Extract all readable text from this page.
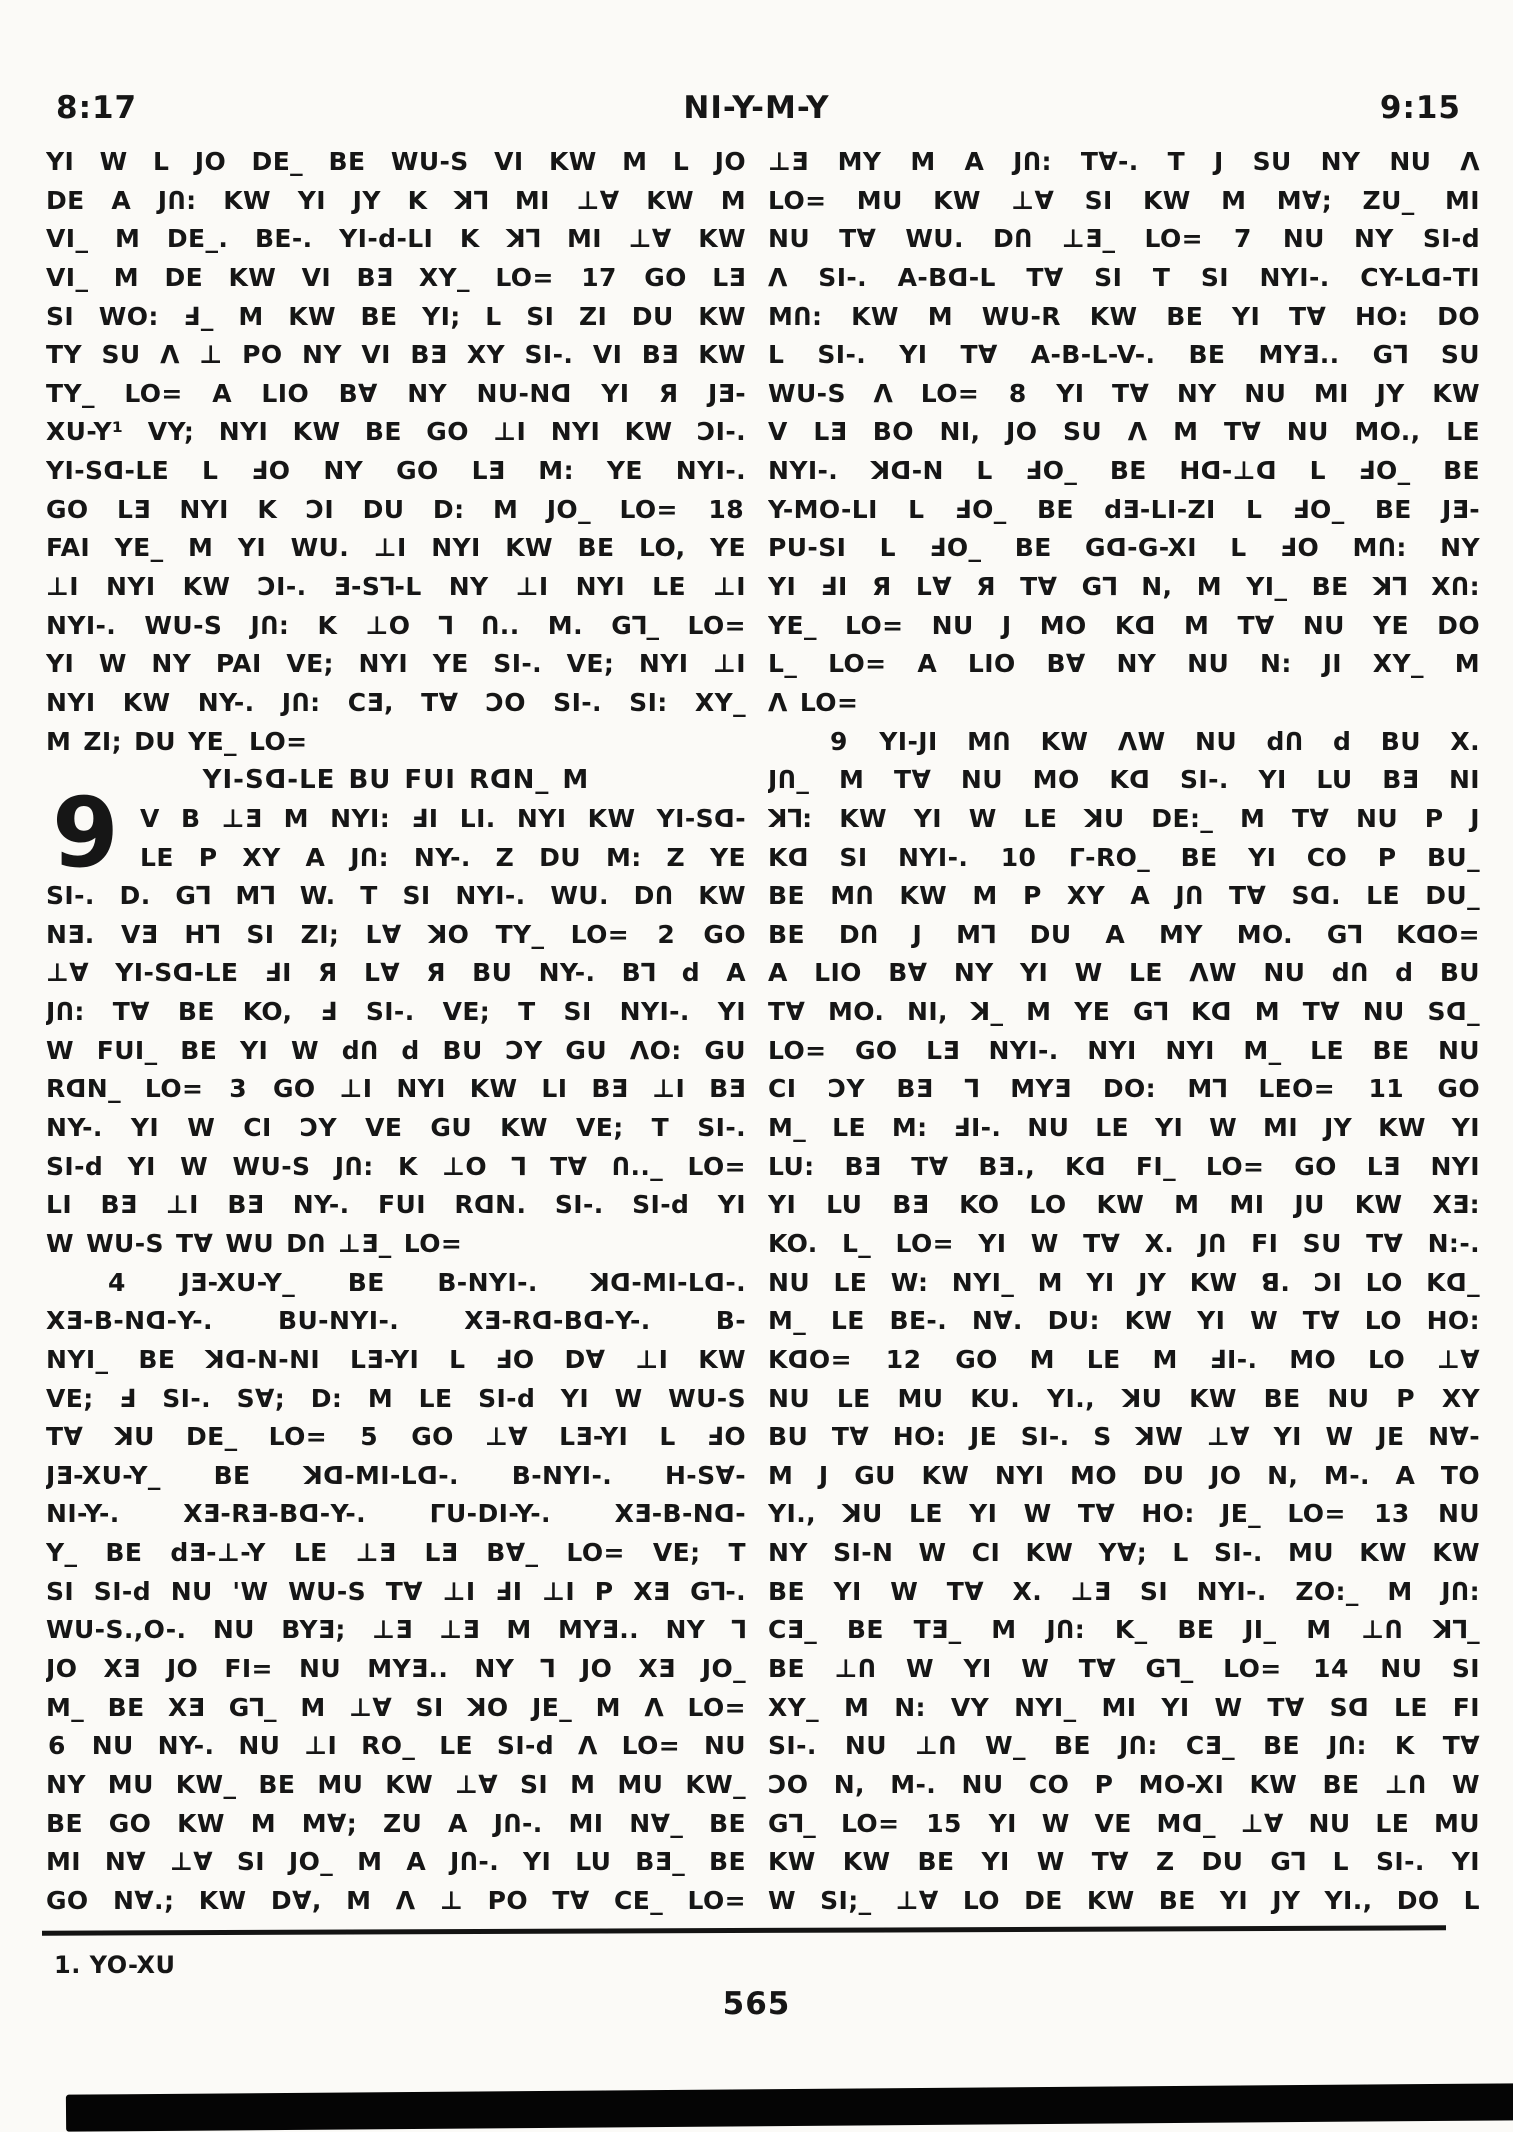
8:17	NI-Y-M-Y	9:15
YI W L JO DE_ BE WU-S VI KW M L JO
DE A JՈ: KW YI JY K ꓘ⅂ MI ⊥∀ KW M
VI_ M DE_. BE-. YI-d-LI K ꓘ⅂ MI ⊥∀ KW
VI_ M DE KW VI BƎ XY_ LO= 17 GO LƎ
SI WO: Ⅎ_ M KW BE YI; L SI ZI DU KW
TY SU Λ ⊥ PO NY VI BƎ XY SI-. VI BƎ KW
TY_ LO= A LIO B∀ NY NU-Nꓷ YI Я JƎ-
XU-Y¹ VY; NYI KW BE GO ⊥I NYI KW ƆI-.
YI-Sꓷ-LE L ℲO NY GO LƎ M: YE NYI-.
GO LƎ NYI K ƆI DU D: M JO_ LO= 18
FAI YE_ M YI WU. ⊥I NYI KW BE LO, YE
⊥I NYI KW ƆI-. Ǝ-S⅂-L NY ⊥I NYI LE ⊥I
NYI-. WU-S JՈ: K ⊥O ⅂ Ո.. M. G⅂_ LO=
YI W NY PAI VE; NYI YE SI-. VE; NYI ⊥I
NYI KW NY-. JՈ: CƎ, T∀ ƆO SI-. SI: XY_
M ZI; DU YE_ LO=
YI-Sꓷ-LE BU FUI RꓷN_ M
9 V B ⊥Ǝ M NYI: ℲI LI. NYI KW YI-Sꓷ-
LE P XY A JՈ: NY-. Z DU M: Z YE
SI-. D. G⅂ M⅂ W. T SI NYI-. WU. DՈ KW
NƎ. VƎ H⅂ SI ZI; L∀ ꓘO TY_ LO= 2 GO
⊥∀ YI-Sꓷ-LE ℲI Я L∀ Я BU NY-. B⅂ d A
JՈ: T∀ BE KO, Ⅎ SI-. VE; T SI NYI-. YI
W FUI_ BE YI W dՈ d BU ƆY GU ΛO: GU
RꓷN_ LO= 3 GO ⊥I NYI KW LI BƎ ⊥I BƎ
NY-. YI W CI ƆY VE GU KW VE; T SI-.
SI-d YI W WU-S JՈ: K ⊥O ⅂ T∀ Ո.._ LO=
LI BƎ ⊥I BƎ NY-. FUI RꓷN. SI-. SI-d YI
W WU-S T∀ WU DՈ ⊥Ǝ_ LO=
4 JƎ-XU-Y_ BE B-NYI-. ꓘꓷ-MI-Lꓷ-.
XƎ-B-Nꓷ-Y-. BU-NYI-. XƎ-Rꓷ-Bꓷ-Y-. B-
NYI_ BE ꓘꓷ-N-NI LƎ-YI L ℲO D∀ ⊥I KW
VE; Ⅎ SI-. S∀; D: M LE SI-d YI W WU-S
T∀ ꓘU DE_ LO= 5 GO ⊥∀ LƎ-YI L ℲO
JƎ-XU-Y_ BE ꓘꓷ-MI-Lꓷ-. B-NYI-. H-S∀-
NI-Y-. XƎ-RƎ-Bꓷ-Y-. ΓU-DI-Y-. XƎ-B-Nꓷ-
Y_ BE dƎ-⊥-Y LE ⊥Ǝ LƎ B∀_ LO= VE; T
SI SI-d NU 'W WU-S T∀ ⊥I ℲI ⊥I P XƎ G⅂-.
WU-S.,O-. NU BYƎ; ⊥Ǝ ⊥Ǝ M MYƎ.. NY ⅂
JO XƎ JO FI= NU MYƎ.. NY ⅂ JO XƎ JO_
M_ BE XƎ G⅂_ M ⊥∀ SI ꓘO JE_ M Λ LO=
6 NU NY-. NU ⊥I RO_ LE SI-d Λ LO= NU
NY MU KW_ BE MU KW ⊥∀ SI M MU KW_
BE GO KW M M∀; ZU A JՈ-. MI N∀_ BE
MI N∀ ⊥∀ SI JO_ M A JՈ-. YI LU BƎ_ BE
GO N∀.; KW D∀, M Λ ⊥ PO T∀ CE_ LO=
⊥Ǝ MY M A JՈ: T∀-. T J SU NY NU Λ
LO= MU KW ⊥∀ SI KW M M∀; ZU_ MI
NU T∀ WU. DՈ ⊥Ǝ_ LO= 7 NU NY SI-d
Λ SI-. A-Bꓷ-L T∀ SI T SI NYI-. CY-Lꓷ-TI
MՈ: KW M WU-R KW BE YI T∀ HO: DO
L SI-. YI T∀ A-B-L-V-. BE MYƎ.. G⅂ SU
WU-S Λ LO= 8 YI T∀ NY NU MI JY KW
V LƎ BO NI, JO SU Λ M T∀ NU MO., LE
NYI-. ꓘꓷ-N L ℲO_ BE Hꓷ-⊥ꓷ L ℲO_ BE
Y-MO-LI L ℲO_ BE dƎ-LI-ZI L ℲO_ BE JƎ-
PU-SI L ℲO_ BE Gꓷ-G-XI L ℲO MՈ: NY
YI ℲI Я L∀ Я T∀ G⅂ N, M YI_ BE ꓘ⅂ XՈ:
YE_ LO= NU J MO Kꓷ M T∀ NU YE DO
L_ LO= A LIO B∀ NY NU N: JI XY_ M
Λ LO=
9 YI-JI MՈ KW ΛW NU dՈ d BU X.
JՈ_ M T∀ NU MO Kꓷ SI-. YI LU BƎ NI
ꓘ⅂: KW YI W LE ꓘU DE:_ M T∀ NU P J
Kꓷ SI NYI-. 10 Γ-RO_ BE YI CO P BU_
BE MՈ KW M P XY A JՈ T∀ Sꓷ. LE DU_
BE DՈ J M⅂ DU A MY MO. G⅂ KꓷO=
A LIO B∀ NY YI W LE ΛW NU dՈ d BU
T∀ MO. NI, ꓘ_ M YE G⅂ Kꓷ M T∀ NU Sꓷ_
LO= GO LƎ NYI-. NYI NYI M_ LE BE NU
CI ƆY BƎ ⅂ MYƎ DO: M⅂ LEO= 11 GO
M_ LE M: ℲI-. NU LE YI W MI JY KW YI
LU: BƎ T∀ BƎ., Kꓷ FI_ LO= GO LƎ NYI
YI LU BƎ KO LO KW M MI JU KW XƎ:
KO. L_ LO= YI W T∀ X. JՈ FI SU T∀ N:-.
NU LE W: NYI_ M YI JY KW ꓭ. ƆI LO Kꓷ_
M_ LE BE-. N∀. DU: KW YI W T∀ LO HO:
KꓷO= 12 GO M LE M ℲI-. MO LO ⊥∀
NU LE MU KU. YI., ꓘU KW BE NU P XY
BU T∀ HO: JE SI-. S ꓘW ⊥∀ YI W JE N∀-
M J GU KW NYI MO DU JO N, M-. A TO
YI., ꓘU LE YI W T∀ HO: JE_ LO= 13 NU
NY SI-N W CI KW Y∀; L SI-. MU KW KW
BE YI W T∀ X. ⊥Ǝ SI NYI-. ZO:_ M JՈ:
CƎ_ BE TƎ_ M JՈ: K_ BE JI_ M ⊥Ո ꓘ⅂_
BE ⊥Ո W YI W T∀ G⅂_ LO= 14 NU SI
XY_ M N: VY NYI_ MI YI W T∀ Sꓷ LE FI
SI-. NU ⊥Ո W_ BE JՈ: CƎ_ BE JՈ: K T∀
ƆO N, M-. NU CO P MO-XI KW BE ⊥Ո W
G⅂_ LO= 15 YI W VE Mꓷ_ ⊥∀ NU LE MU
KW KW BE YI W T∀ Z DU G⅂ L SI-. YI
W SI;_ ⊥∀ LO DE KW BE YI JY YI., DO L
1. YO-XU
565
